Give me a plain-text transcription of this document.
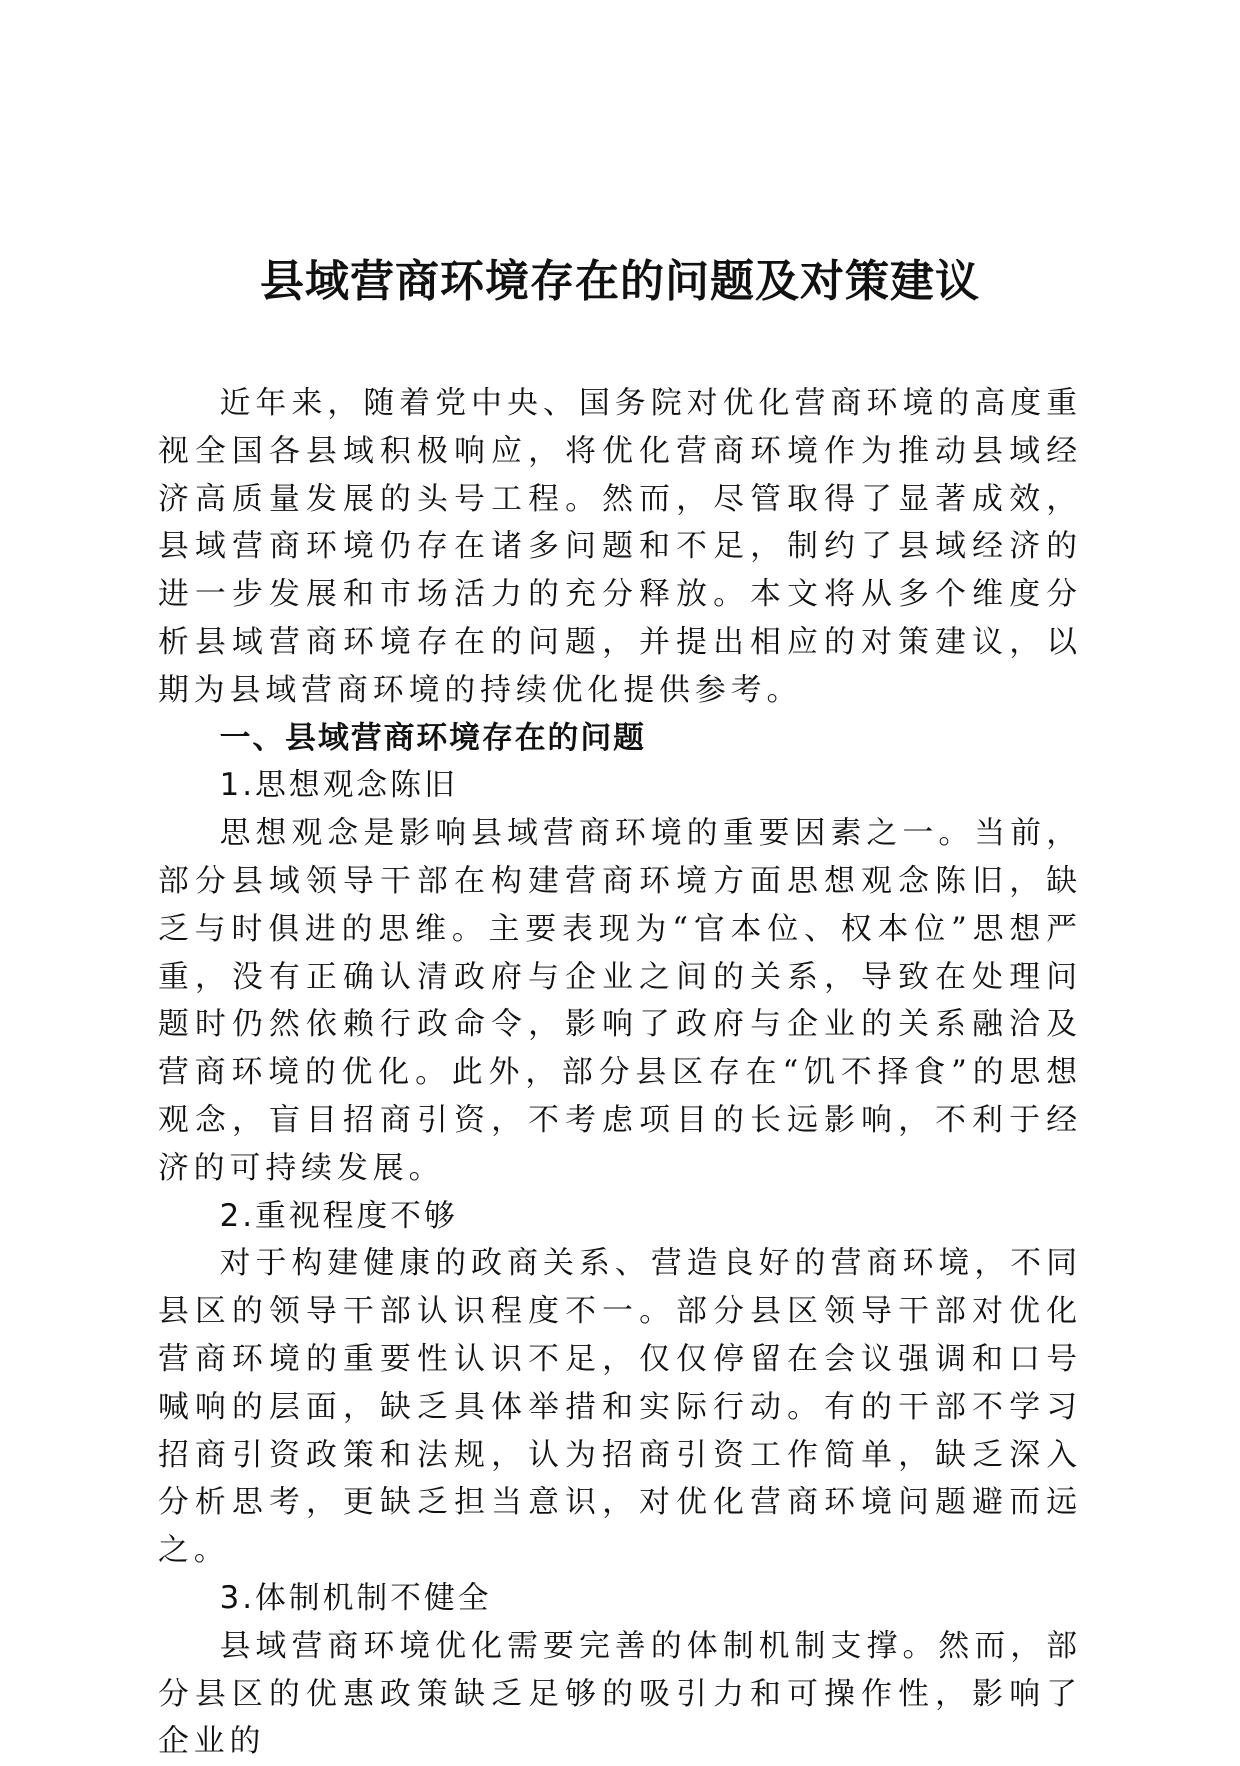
县域营商环境存在的问题及对策建议

近年来，随着党中央、国务院对优化营商环境的高度重视全国各县域积极响应，将优化营商环境作为推动县域经济高质量发展的头号工程。然而，尽管取得了显著成效，县域营商环境仍存在诸多问题和不足，制约了县域经济的进一步发展和市场活力的充分释放。本文将从多个维度分析县域营商环境存在的问题，并提出相应的对策建议，以期为县域营商环境的持续优化提供参考。

一、县域营商环境存在的问题
1.思想观念陈旧

思想观念是影响县域营商环境的重要因素之一。当前，部分县域领导干部在构建营商环境方面思想观念陈旧，缺乏与时俱进的思维。主要表现为“官本位、权本位”思想严重，没有正确认清政府与企业之间的关系，导致在处理问题时仍然依赖行政命令，影响了政府与企业的关系融洽及营商环境的优化。此外，部分县区存在“饥不择食”的思想观念，盲目招商引资，不考虑项目的长远影响，不利于经济的可持续发展。

2.重视程度不够

对于构建健康的政商关系、营造良好的营商环境，不同县区的领导干部认识程度不一。部分县区领导干部对优化营商环境的重要性认识不足，仅仅停留在会议强调和口号喊响的层面，缺乏具体举措和实际行动。有的干部不学习招商引资政策和法规，认为招商引资工作简单，缺乏深入分析思考，更缺乏担当意识，对优化营商环境问题避而远之。

3.体制机制不健全

县域营商环境优化需要完善的体制机制支撑。然而，部分县区的优惠政策缺乏足够的吸引力和可操作性，影响了企业的
